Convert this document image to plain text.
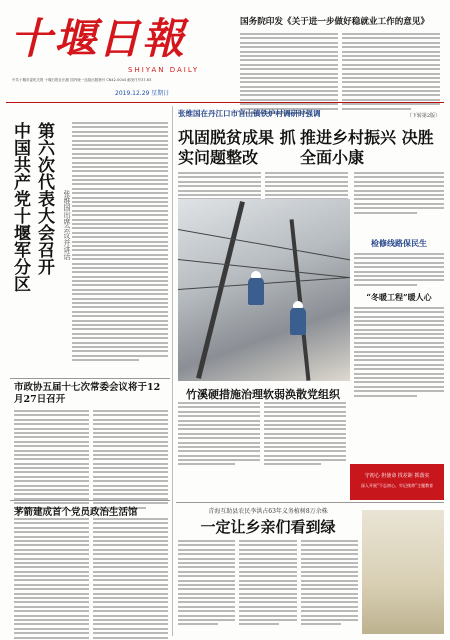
十堰日報
SHIYAN DAILY
中共十堰市委机关报 十堰日报社出版 国内统一连续出版物号 CN42-0044 邮发代号37-63
2019.12.29 星期日
国务院印发《关于进一步做好稳就业工作的意见》
（下转第2版）
中国共产党十堰军分区 第六次代表大会召开 张维国出席会议并讲话
张维国在丹江口市官山镇铁炉村调研时强调
巩固脱贫成果 抓实问题整改
推进乡村振兴 决胜全面小康
检修线路保民生
“冬暖工程”暖人心
竹溪硬措施治理软弱涣散党组织
守初心 担使命 找差距 抓落实
深入开展“不忘初心、牢记使命”主题教育
市政协五届十七次常委会议将于12月27日召开
茅箭建成首个党员政治生活馆	青海互助县农民李洪占63年义务植树8万余株
一定让乡亲们看到绿
